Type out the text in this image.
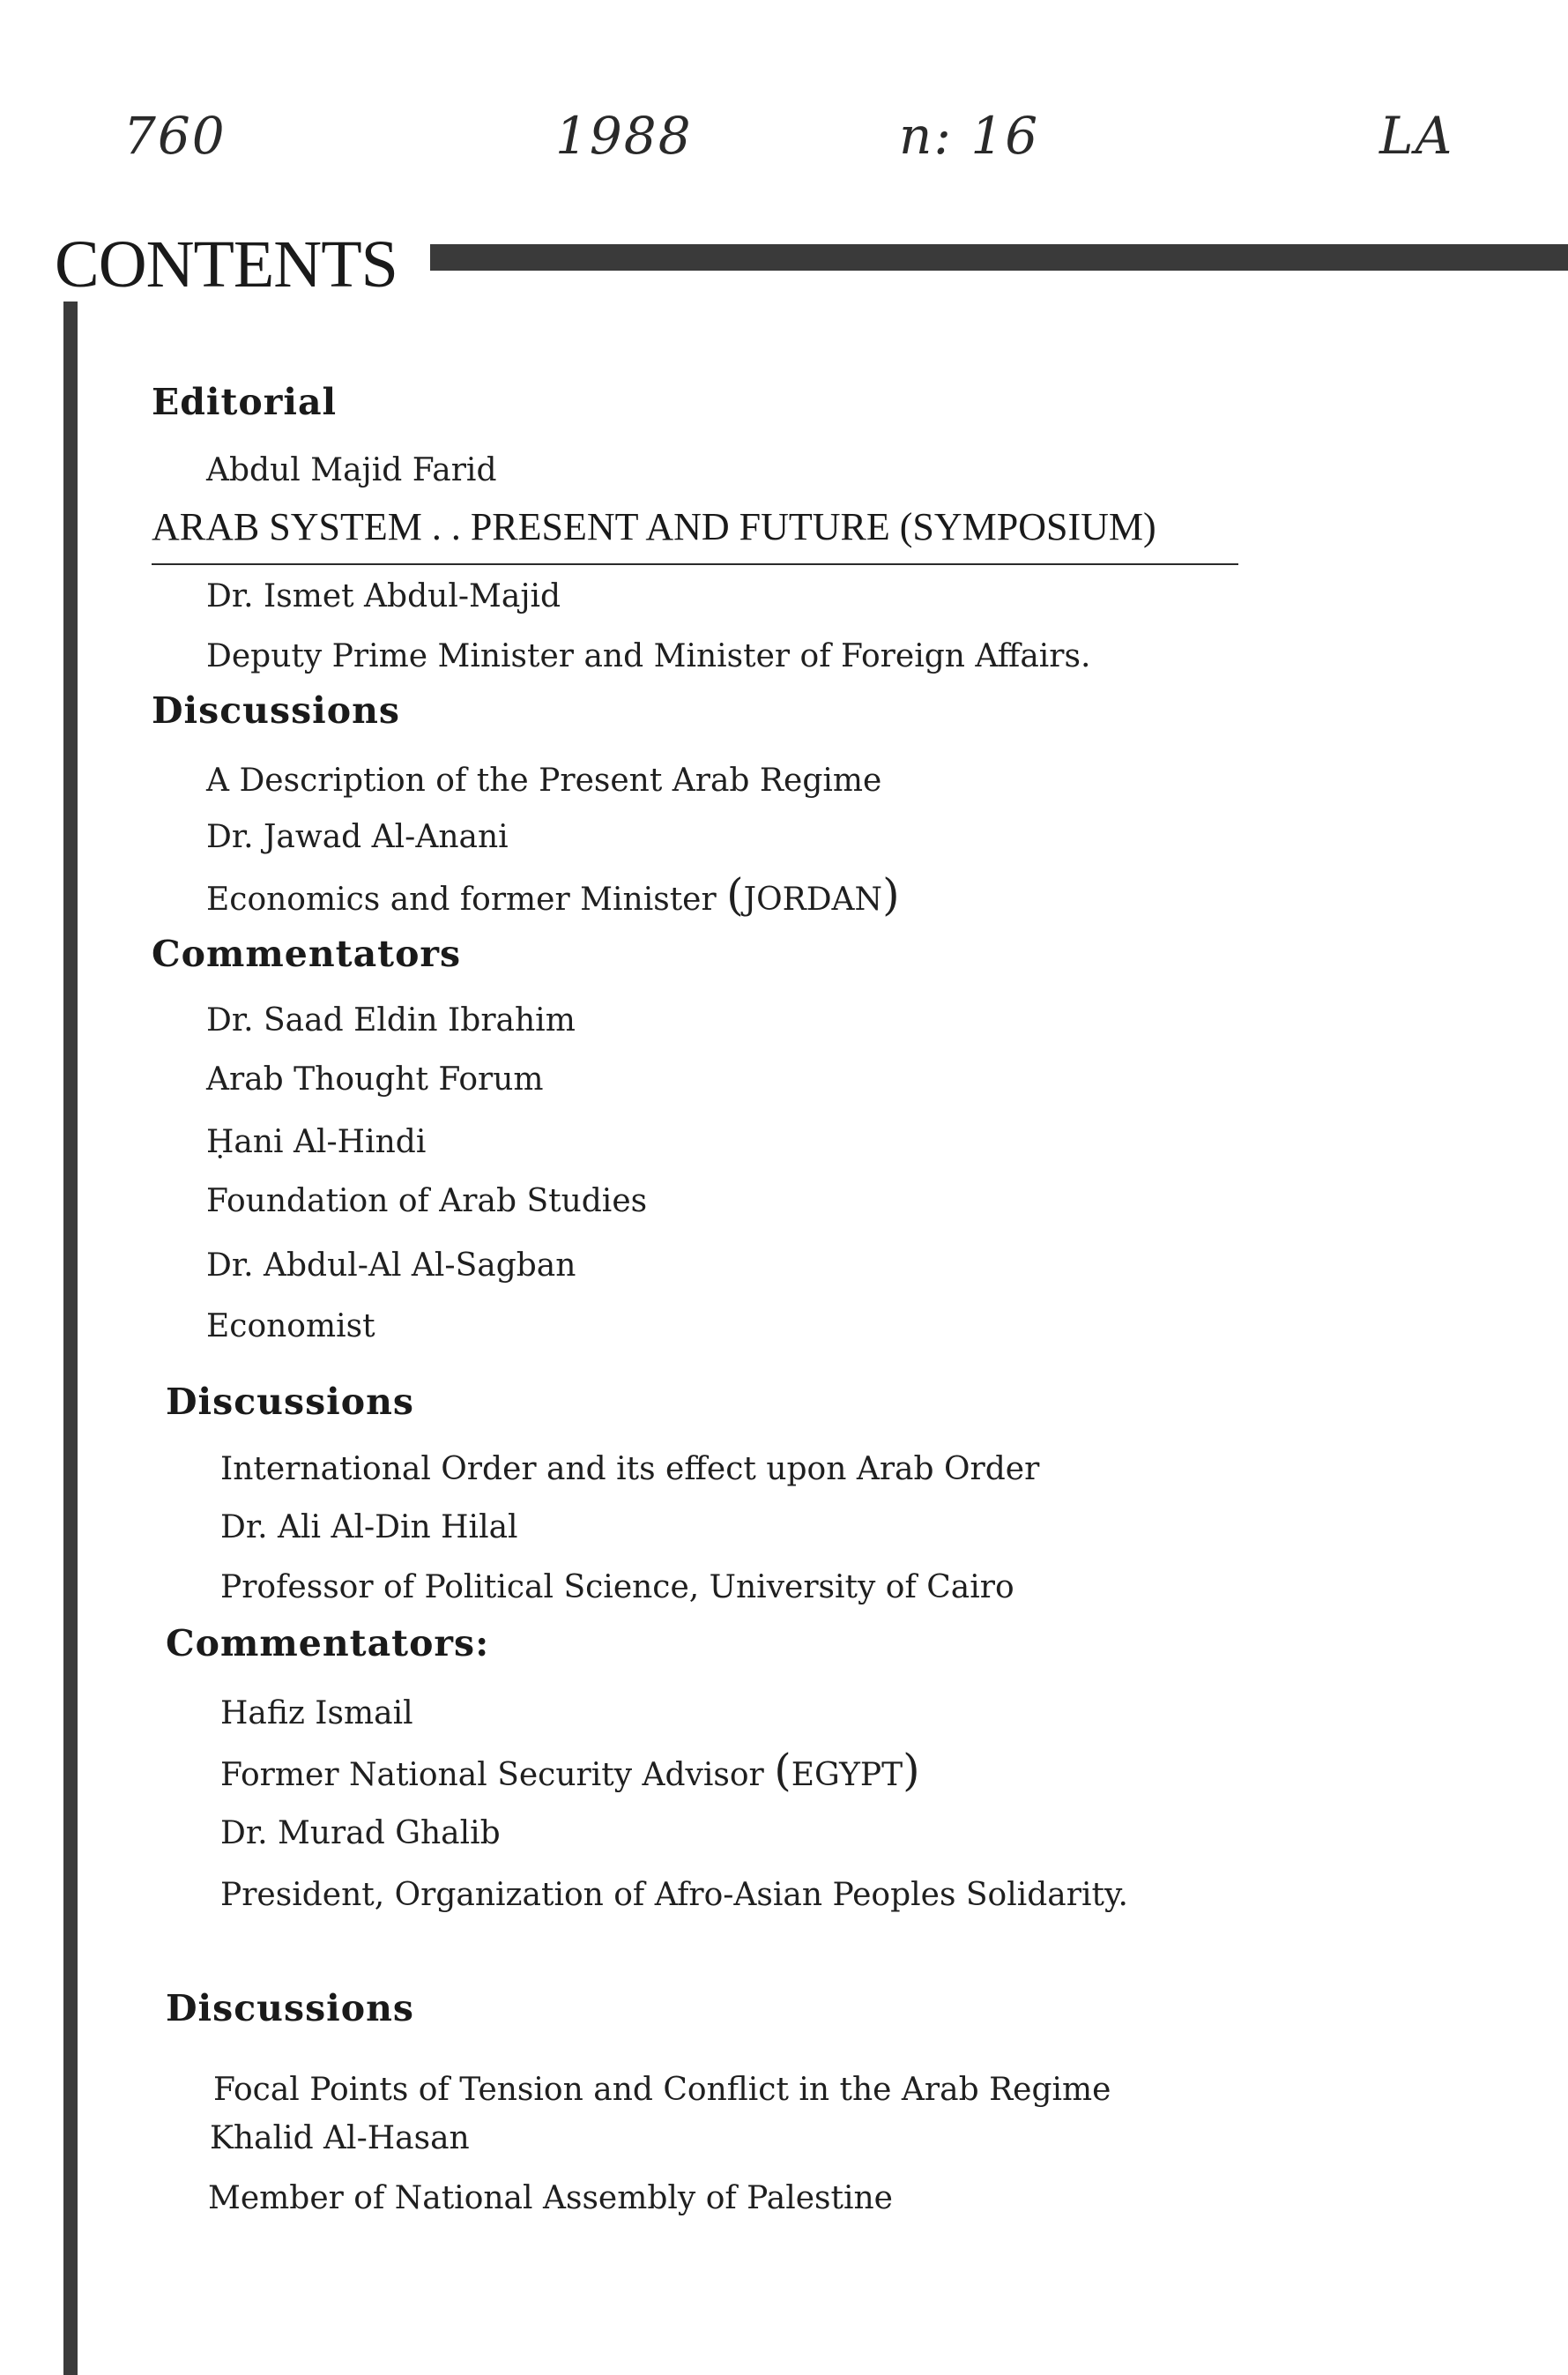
760	1988	n: 16	LA
CONTENTS
Editorial
Abdul Majid Farid
ARAB SYSTEM . . PRESENT AND FUTURE (SYMPOSIUM)
Dr. Ismet Abdul-Majid
Deputy Prime Minister and Minister of Foreign Affairs.
Discussions
A Description of the Present Arab Regime
Dr. Jawad Al-Anani
Economics and former Minister (JORDAN)
Commentators
Dr. Saad Eldin Ibrahim
Arab Thought Forum
Ḥani Al-Hindi
Foundation of Arab Studies
Dr. Abdul-Al Al-Sagban
Economist
Discussions
International Order and its effect upon Arab Order
Dr. Ali Al-Din Hilal
Professor of Political Science, University of Cairo
Commentators:
Hafiz Ismail
Former National Security Advisor (EGYPT)
Dr. Murad Ghalib
President, Organization of Afro-Asian Peoples Solidarity.
Discussions
Focal Points of Tension and Conflict in the Arab Regime
Khalid Al-Hasan
Member of National Assembly of Palestine
